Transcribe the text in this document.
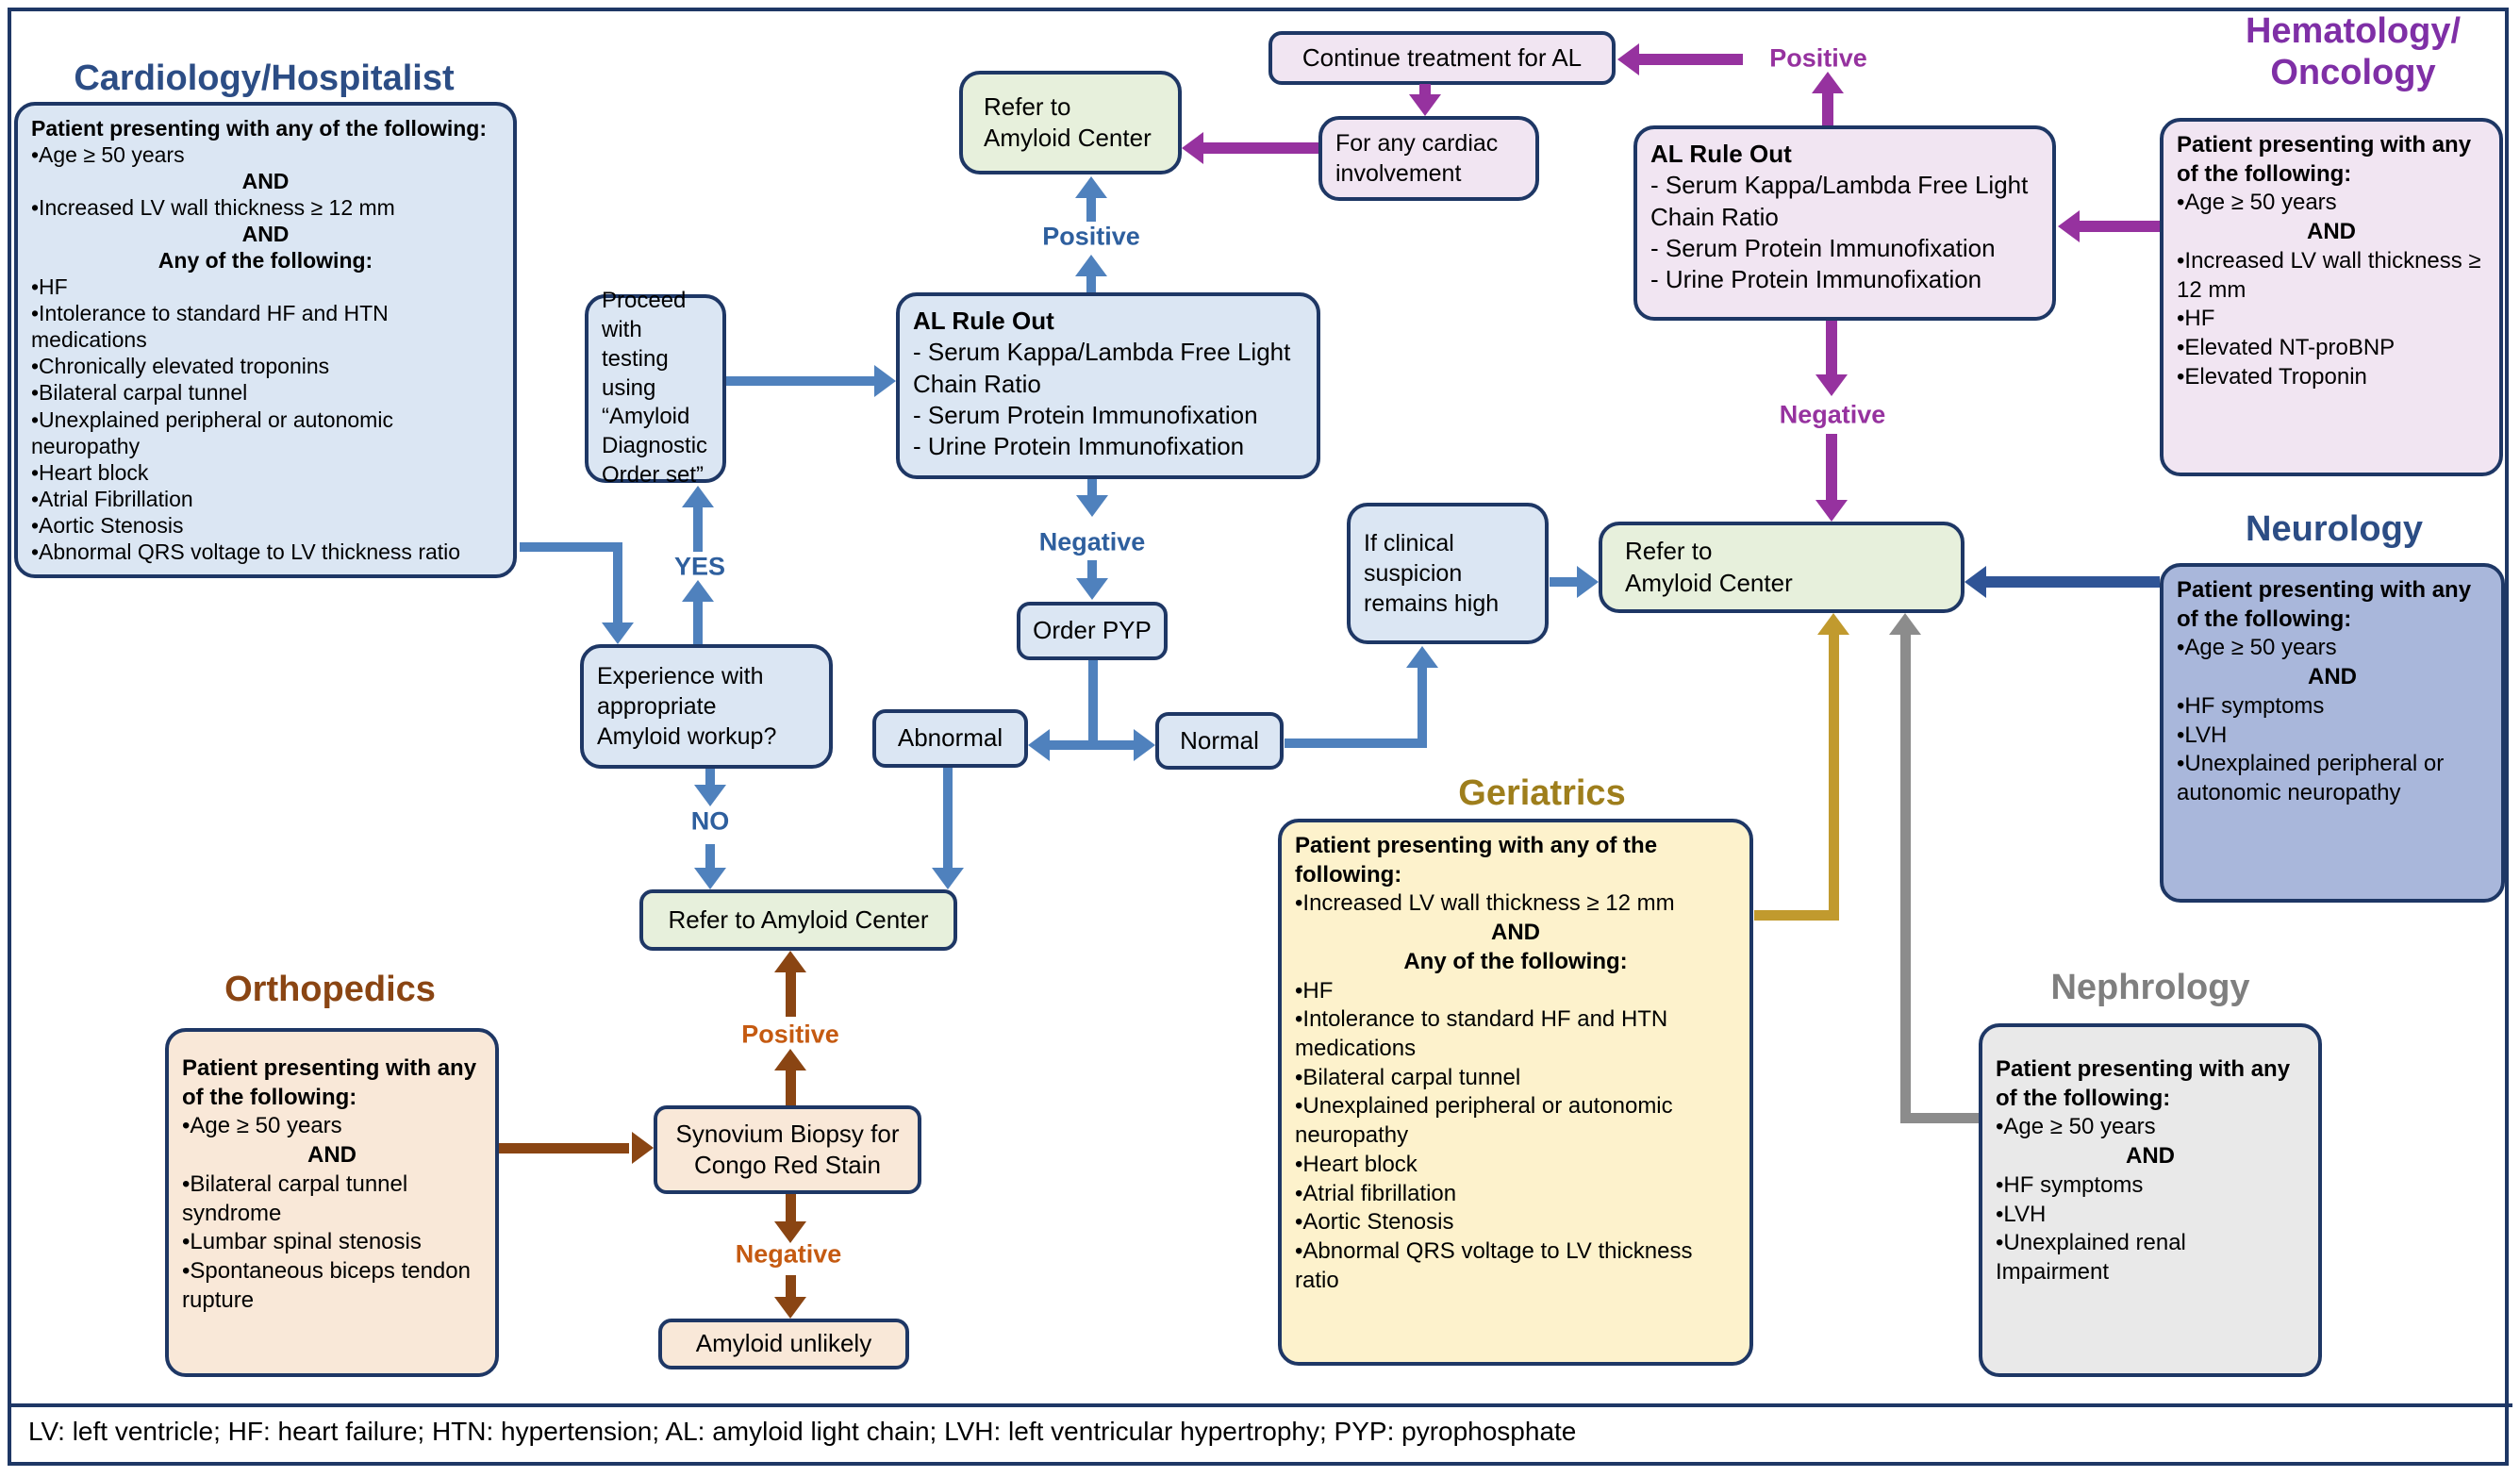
Cardiology/Hospitalist
Hematology/
Oncology
Neurology
Geriatrics
Orthopedics	Nephrology
Patient presenting with any of the following:
•Age ≥ 50 years
AND
•Increased LV wall thickness ≥ 12 mm
AND
Any of the following:
•HF
•Intolerance to standard HF and HTN medications
•Chronically elevated troponins
•Bilateral carpal tunnel
•Unexplained peripheral or autonomic neuropathy
•Heart block
•Atrial Fibrillation
•Aortic Stenosis
•Abnormal QRS voltage to LV thickness ratio
Patient presenting with any of the following:
•Age ≥ 50 years
AND
•Increased LV wall thickness ≥ 12 mm
•HF
•Elevated NT-proBNP
•Elevated Troponin
Patient presenting with any of the following:
•Age ≥ 50 years
AND
•HF symptoms
•LVH
•Unexplained peripheral or autonomic neuropathy
Patient presenting with any of the following:
•Increased LV wall thickness ≥ 12 mm
AND
Any of the following:
•HF
•Intolerance to standard HF and HTN medications
•Bilateral carpal tunnel
•Unexplained peripheral or autonomic neuropathy
•Heart block
•Atrial fibrillation
•Aortic Stenosis
•Abnormal QRS voltage to LV thickness ratio
Patient presenting with any of the following:
•Age ≥ 50 years
AND
•HF symptoms
•LVH
•Unexplained renal Impairment
Patient presenting with any of the following:
•Age ≥ 50 years
AND
•Bilateral carpal tunnel syndrome
•Lumbar spinal stenosis
•Spontaneous biceps tendon rupture
Proceed with
testing using
“Amyloid
Diagnostic
Order set”
AL Rule Out
- Serum Kappa/Lambda Free Light Chain Ratio
- Serum Protein Immunofixation
- Urine Protein Immunofixation
AL Rule Out
- Serum Kappa/Lambda Free Light Chain Ratio
- Serum Protein Immunofixation
- Urine Protein Immunofixation
Refer to
Amyloid Center
Continue treatment for AL
For any cardiac
involvement
Order PYP
Abnormal	Normal
Experience with
appropriate
Amyloid workup?
Refer to Amyloid Center
If clinical
suspicion
remains high
Refer to
Amyloid Center
Synovium Biopsy for
Congo Red Stain
Amyloid unlikely
YES
NO
Positive
Negative
Positive
Negative
Positive
Negative
LV: left ventricle; HF: heart failure; HTN: hypertension; AL: amyloid light chain; LVH: left ventricular hypertrophy; PYP: pyrophosphate
